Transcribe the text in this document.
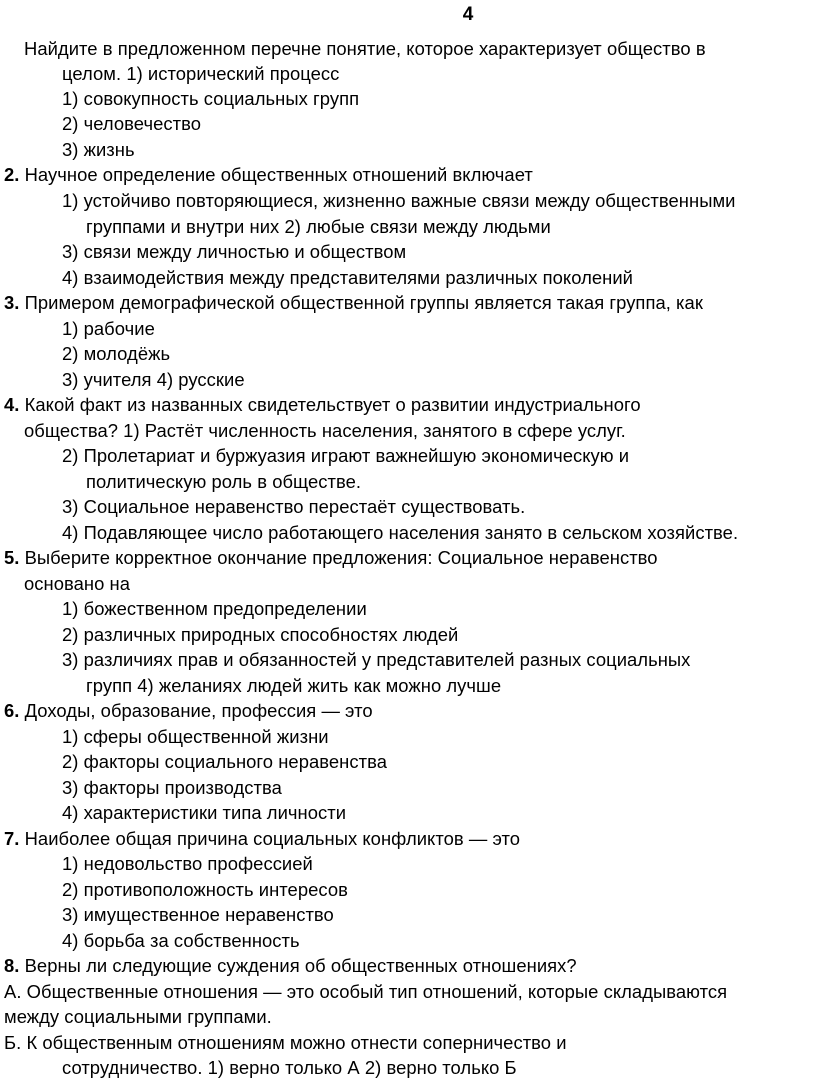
4
Найдите в предложенном перечне понятие, которое характеризует общество в
целом. 1) исторический процесс
1) совокупность социальных групп
2) человечество
3) жизнь
2. Научное определение общественных отношений включает
1) устойчиво повторяющиеся, жизненно важные связи между общественными
группами и внутри них 2) любые связи между людьми
3) связи между личностью и обществом
4) взаимодействия между представителями различных поколений
3. Примером демографической общественной группы является такая группа, как
1) рабочие
2) молодёжь
3) учителя 4) русские
4. Какой факт из названных свидетельствует о развитии индустриального
общества? 1) Растёт численность населения, занятого в сфере услуг.
2) Пролетариат и буржуазия играют важнейшую экономическую и
политическую роль в обществе.
3) Социальное неравенство перестаёт существовать.
4) Подавляющее число работающего населения занято в сельском хозяйстве.
5. Выберите корректное окончание предложения: Социальное неравенство
основано на
1) божественном предопределении
2) различных природных способностях людей
3) различиях прав и обязанностей у представителей разных социальных
групп 4) желаниях людей жить как можно лучше
6. Доходы, образование, профессия — это
1) сферы общественной жизни
2) факторы социального неравенства
3) факторы производства
4) характеристики типа личности
7. Наиболее общая причина социальных конфликтов — это
1) недовольство профессией
2) противоположность интересов
3) имущественное неравенство
4) борьба за собственность
8. Верны ли следующие суждения об общественных отношениях?
А. Общественные отношения — это особый тип отношений, которые складываются
между социальными группами.
Б. К общественным отношениям можно отнести соперничество и
сотрудничество. 1) верно только А 2) верно только Б
